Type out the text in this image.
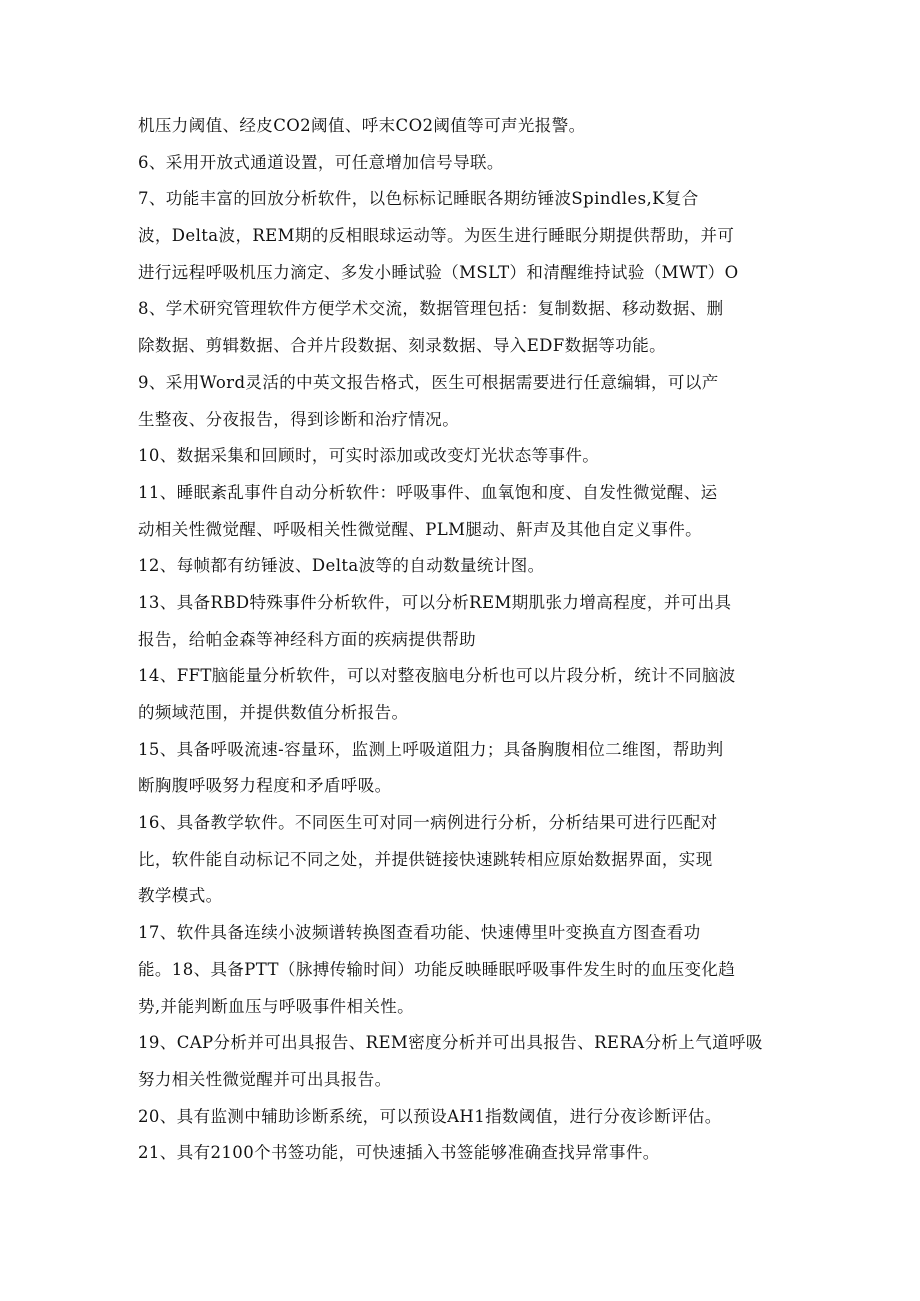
机压力阈值、经皮CO2阈值、呼末CO2阈值等可声光报警。
6、采用开放式通道设置，可任意增加信号导联。
7、功能丰富的回放分析软件，以色标标记睡眠各期纺锤波Spindles,K复合
波，Delta波，REM期的反相眼球运动等。为医生进行睡眠分期提供帮助，并可
进行远程呼吸机压力滴定、多发小睡试验（MSLT）和清醒维持试验（MWT）O
8、学术研究管理软件方便学术交流，数据管理包括：复制数据、移动数据、删
除数据、剪辑数据、合并片段数据、刻录数据、导入EDF数据等功能。
9、采用Word灵活的中英文报告格式，医生可根据需要进行任意编辑，可以产
生整夜、分夜报告，得到诊断和治疗情况。
10、数据采集和回顾时，可实时添加或改变灯光状态等事件。
11、睡眠紊乱事件自动分析软件：呼吸事件、血氧饱和度、自发性微觉醒、运
动相关性微觉醒、呼吸相关性微觉醒、PLM腿动、鼾声及其他自定义事件。
12、每帧都有纺锤波、Delta波等的自动数量统计图。
13、具备RBD特殊事件分析软件，可以分析REM期肌张力增高程度，并可出具
报告，给帕金森等神经科方面的疾病提供帮助
14、FFT脑能量分析软件，可以对整夜脑电分析也可以片段分析，统计不同脑波
的频域范围，并提供数值分析报告。
15、具备呼吸流速-容量环，监测上呼吸道阻力；具备胸腹相位二维图，帮助判
断胸腹呼吸努力程度和矛盾呼吸。
16、具备教学软件。不同医生可对同一病例进行分析，分析结果可进行匹配对
比，软件能自动标记不同之处，并提供链接快速跳转相应原始数据界面，实现
教学模式。
17、软件具备连续小波频谱转换图查看功能、快速傅里叶变换直方图查看功
能。18、具备PTT（脉搏传输时间）功能反映睡眠呼吸事件发生时的血压变化趋
势,并能判断血压与呼吸事件相关性。
19、CAP分析并可出具报告、REM密度分析并可出具报告、RERA分析上气道呼吸
努力相关性微觉醒并可出具报告。
20、具有监测中辅助诊断系统，可以预设AH1指数阈值，进行分夜诊断评估。
21、具有2100个书签功能，可快速插入书签能够准确查找异常事件。
